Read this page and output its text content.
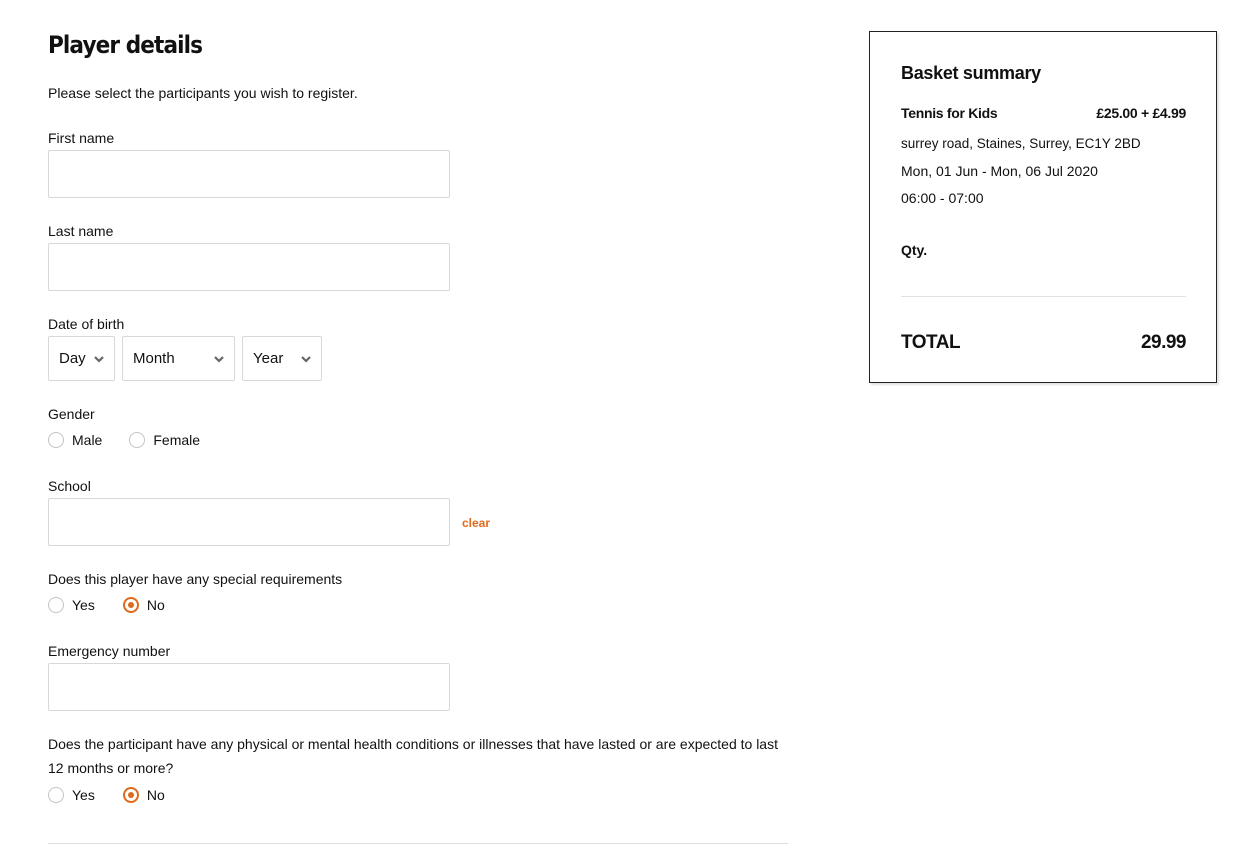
Player details
Please select the participants you wish to register.
First name
Last name
Date of birth
Day	Month	Year
Gender
Male	Female
School
clear
Does this player have any special requirements
Yes	No
Emergency number
Does the participant have any physical or mental health conditions or illnesses that have lasted or are expected to last 12 months or more?
Yes	No
Basket summary
Tennis for Kids	£25.00 + £4.99
surrey road, Staines, Surrey, EC1Y 2BD
Mon, 01 Jun - Mon, 06 Jul 2020
06:00 - 07:00
Qty.
TOTAL	29.99
